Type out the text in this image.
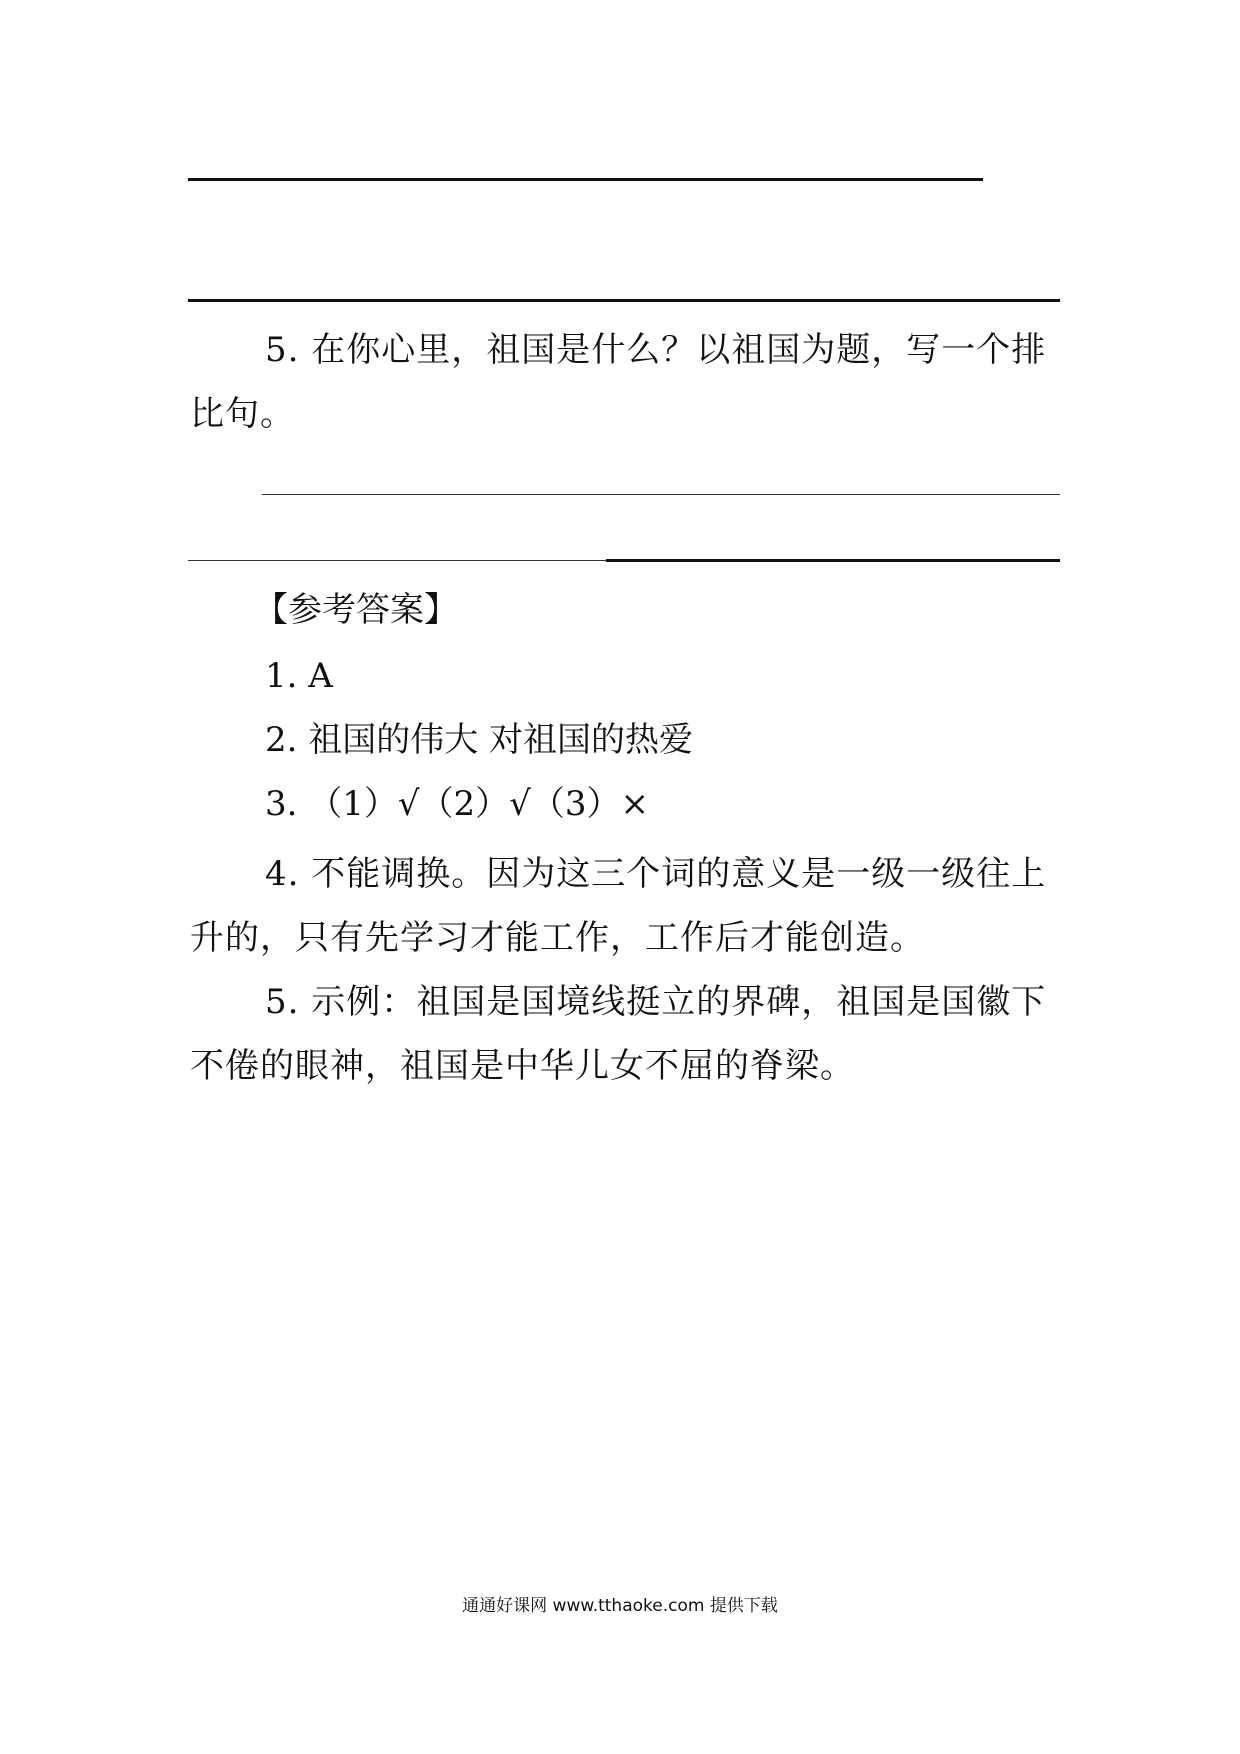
5. 在你心里，祖国是什么？以祖国为题，写一个排比句。
【参考答案】
1. A
2. 祖国的伟大 对祖国的热爱
3. （1）√（2）√（3）×
4. 不能调换。因为这三个词的意义是一级一级往上升的，只有先学习才能工作，工作后才能创造。
5. 示例：祖国是国境线挺立的界碑，祖国是国徽下不倦的眼神，祖国是中华儿女不屈的脊梁。
通通好课网 www.tthaoke.com 提供下载
